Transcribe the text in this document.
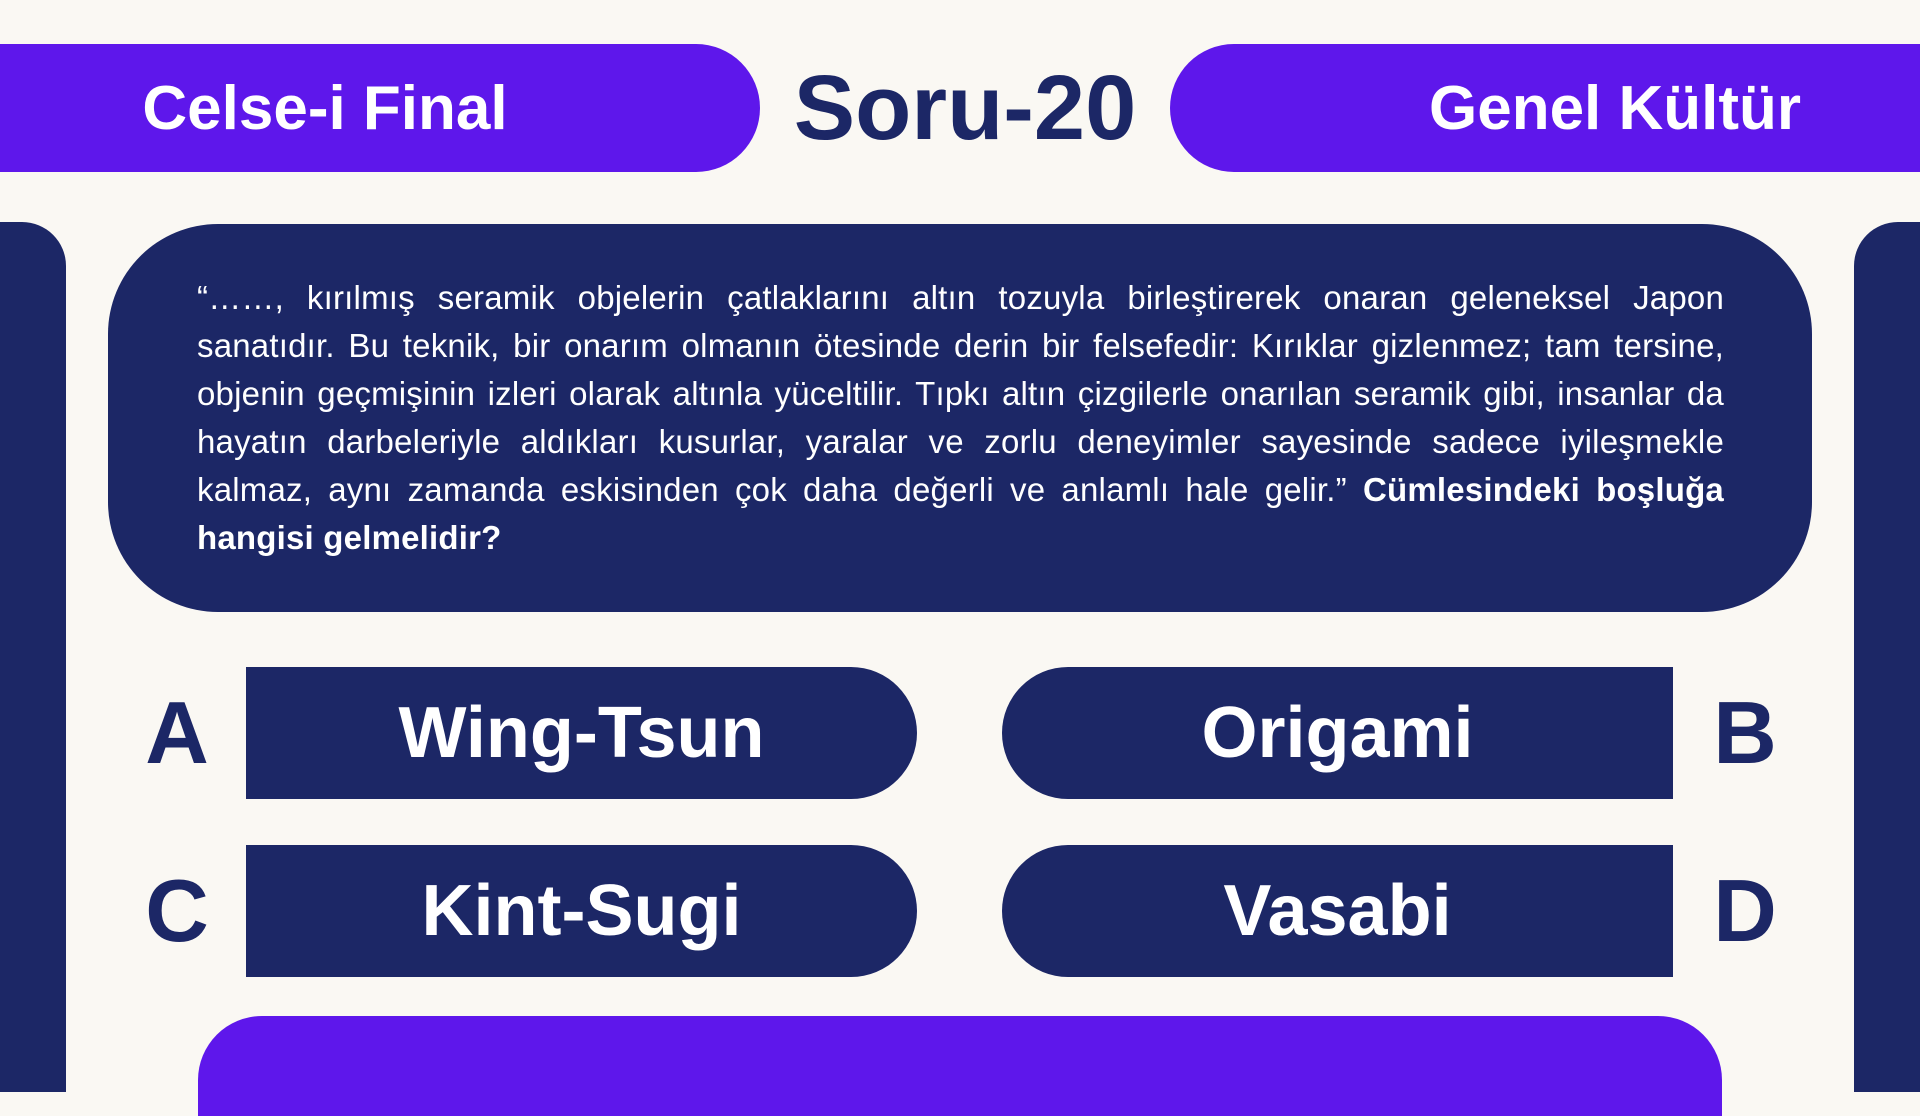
Celse-i Final	Soru-20	Genel Kültür
“……, kırılmış seramik objelerin çatlaklarını altın tozuyla birleştirerek onaran geleneksel Japon sanatıdır. Bu teknik, bir onarım olmanın ötesinde derin bir felsefedir: Kırıklar gizlenmez; tam tersine, objenin geçmişinin izleri olarak altınla yüceltilir. Tıpkı altın çizgilerle onarılan seramik gibi, insanlar da hayatın darbeleriyle aldıkları kusurlar, yaralar ve zorlu deneyimler sayesinde sadece iyileşmekle kalmaz, aynı zamanda eskisinden çok daha değerli ve anlamlı hale gelir.” Cümlesindeki boşluğa hangisi gelmelidir?
A	Wing-Tsun	Origami	B
C	Kint-Sugi	Vasabi	D
